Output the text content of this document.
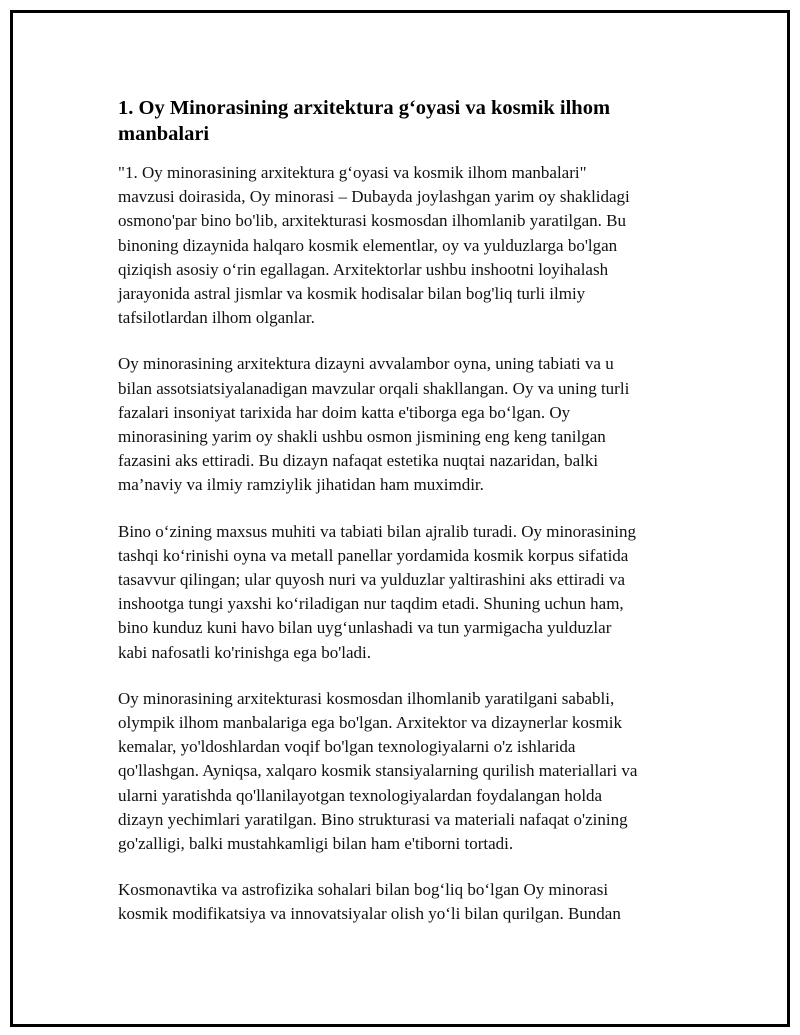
1. Oy Minorasining arxitektura g‘oyasi va kosmik ilhom
manbalari

"1. Oy minorasining arxitektura g‘oyasi va kosmik ilhom manbalari"
mavzusi doirasida, Oy minorasi – Dubayda joylashgan yarim oy shaklidagi
osmono'par bino bo'lib, arxitekturasi kosmosdan ilhomlanib yaratilgan. Bu
binoning dizaynida halqaro kosmik elementlar, oy va yulduzlarga bo'lgan
qiziqish asosiy o‘rin egallagan. Arxitektorlar ushbu inshootni loyihalash
jarayonida astral jismlar va kosmik hodisalar bilan bog'liq turli ilmiy
tafsilotlardan ilhom olganlar.

Oy minorasining arxitektura dizayni avvalambor oyna, uning tabiati va u
bilan assotsiatsiyalanadigan mavzular orqali shakllangan. Oy va uning turli
fazalari insoniyat tarixida har doim katta e'tiborga ega bo‘lgan. Oy
minorasining yarim oy shakli ushbu osmon jismining eng keng tanilgan
fazasini aks ettiradi. Bu dizayn nafaqat estetika nuqtai nazaridan, balki
ma’naviy va ilmiy ramziylik jihatidan ham muximdir.

Bino o‘zining maxsus muhiti va tabiati bilan ajralib turadi. Oy minorasining
tashqi ko‘rinishi oyna va metall panellar yordamida kosmik korpus sifatida
tasavvur qilingan; ular quyosh nuri va yulduzlar yaltirashini aks ettiradi va
inshootga tungi yaxshi ko‘riladigan nur taqdim etadi. Shuning uchun ham,
bino kunduz kuni havo bilan uyg‘unlashadi va tun yarmigacha yulduzlar
kabi nafosatli ko'rinishga ega bo'ladi.

Oy minorasining arxitekturasi kosmosdan ilhomlanib yaratilgani sababli,
olympik ilhom manbalariga ega bo'lgan. Arxitektor va dizaynerlar kosmik
kemalar, yo'ldoshlardan voqif bo'lgan texnologiyalarni o'z ishlarida
qo'llashgan. Ayniqsa, xalqaro kosmik stansiyalarning qurilish materiallari va
ularni yaratishda qo'llanilayotgan texnologiyalardan foydalangan holda
dizayn yechimlari yaratilgan. Bino strukturasi va materiali nafaqat o'zining
go'zalligi, balki mustahkamligi bilan ham e'tiborni tortadi.

Kosmonavtika va astrofizika sohalari bilan bog‘liq bo‘lgan Oy minorasi
kosmik modifikatsiya va innovatsiyalar olish yo‘li bilan qurilgan. Bundan
